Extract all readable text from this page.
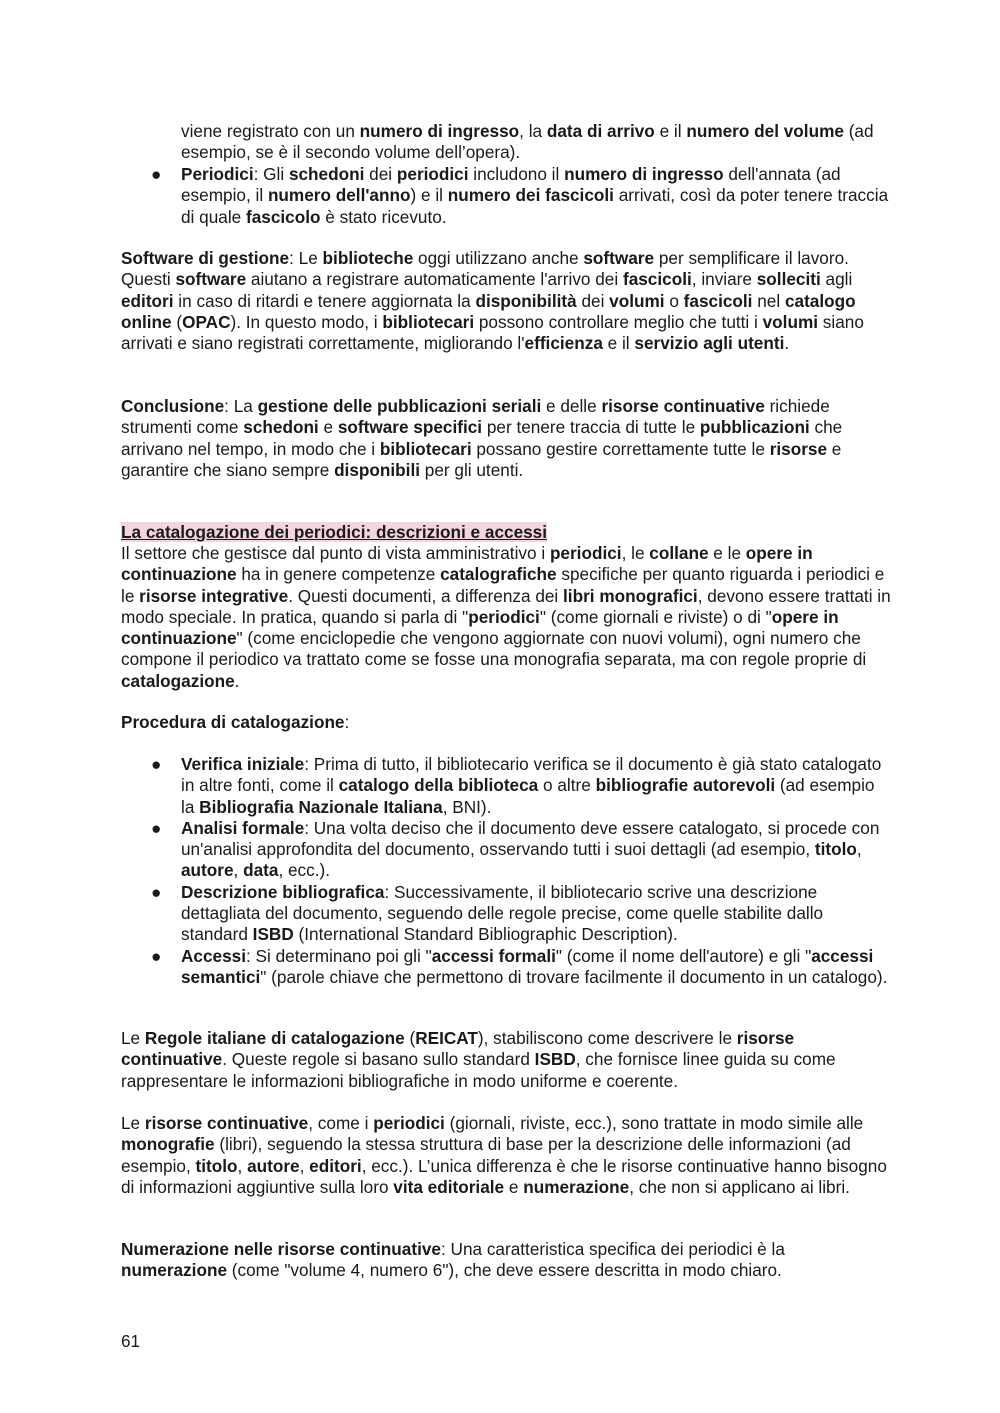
viene registrato con un numero di ingresso, la data di arrivo e il numero del volume (ad esempio, se è il secondo volume dell’opera).

● Periodici: Gli schedoni dei periodici includono il numero di ingresso dell'annata (ad esempio, il numero dell'anno) e il numero dei fascicoli arrivati, così da poter tenere traccia di quale fascicolo è stato ricevuto.

Software di gestione: Le biblioteche oggi utilizzano anche software per semplificare il lavoro. Questi software aiutano a registrare automaticamente l'arrivo dei fascicoli, inviare solleciti agli editori in caso di ritardi e tenere aggiornata la disponibilità dei volumi o fascicoli nel catalogo online (OPAC). In questo modo, i bibliotecari possono controllare meglio che tutti i volumi siano arrivati e siano registrati correttamente, migliorando l'efficienza e il servizio agli utenti.

Conclusione: La gestione delle pubblicazioni seriali e delle risorse continuative richiede strumenti come schedoni e software specifici per tenere traccia di tutte le pubblicazioni che arrivano nel tempo, in modo che i bibliotecari possano gestire correttamente tutte le risorse e garantire che siano sempre disponibili per gli utenti.

La catalogazione dei periodici: descrizioni e accessi

Il settore che gestisce dal punto di vista amministrativo i periodici, le collane e le opere in continuazione ha in genere competenze catalografiche specifiche per quanto riguarda i periodici e le risorse integrative. Questi documenti, a differenza dei libri monografici, devono essere trattati in modo speciale. In pratica, quando si parla di "periodici" (come giornali e riviste) o di "opere in continuazione" (come enciclopedie che vengono aggiornate con nuovi volumi), ogni numero che compone il periodico va trattato come se fosse una monografia separata, ma con regole proprie di catalogazione.

Procedura di catalogazione:

● Verifica iniziale: Prima di tutto, il bibliotecario verifica se il documento è già stato catalogato in altre fonti, come il catalogo della biblioteca o altre bibliografie autorevoli (ad esempio la Bibliografia Nazionale Italiana, BNI).
● Analisi formale: Una volta deciso che il documento deve essere catalogato, si procede con un'analisi approfondita del documento, osservando tutti i suoi dettagli (ad esempio, titolo, autore, data, ecc.).
● Descrizione bibliografica: Successivamente, il bibliotecario scrive una descrizione dettagliata del documento, seguendo delle regole precise, come quelle stabilite dallo standard ISBD (International Standard Bibliographic Description).
● Accessi: Si determinano poi gli "accessi formali" (come il nome dell'autore) e gli "accessi semantici" (parole chiave che permettono di trovare facilmente il documento in un catalogo).

Le Regole italiane di catalogazione (REICAT), stabiliscono come descrivere le risorse continuative. Queste regole si basano sullo standard ISBD, che fornisce linee guida su come rappresentare le informazioni bibliografiche in modo uniforme e coerente.

Le risorse continuative, come i periodici (giornali, riviste, ecc.), sono trattate in modo simile alle monografie (libri), seguendo la stessa struttura di base per la descrizione delle informazioni (ad esempio, titolo, autore, editori, ecc.). L’unica differenza è che le risorse continuative hanno bisogno di informazioni aggiuntive sulla loro vita editoriale e numerazione, che non si applicano ai libri.

Numerazione nelle risorse continuative: Una caratteristica specifica dei periodici è la numerazione (come "volume 4, numero 6"), che deve essere descritta in modo chiaro.

61
